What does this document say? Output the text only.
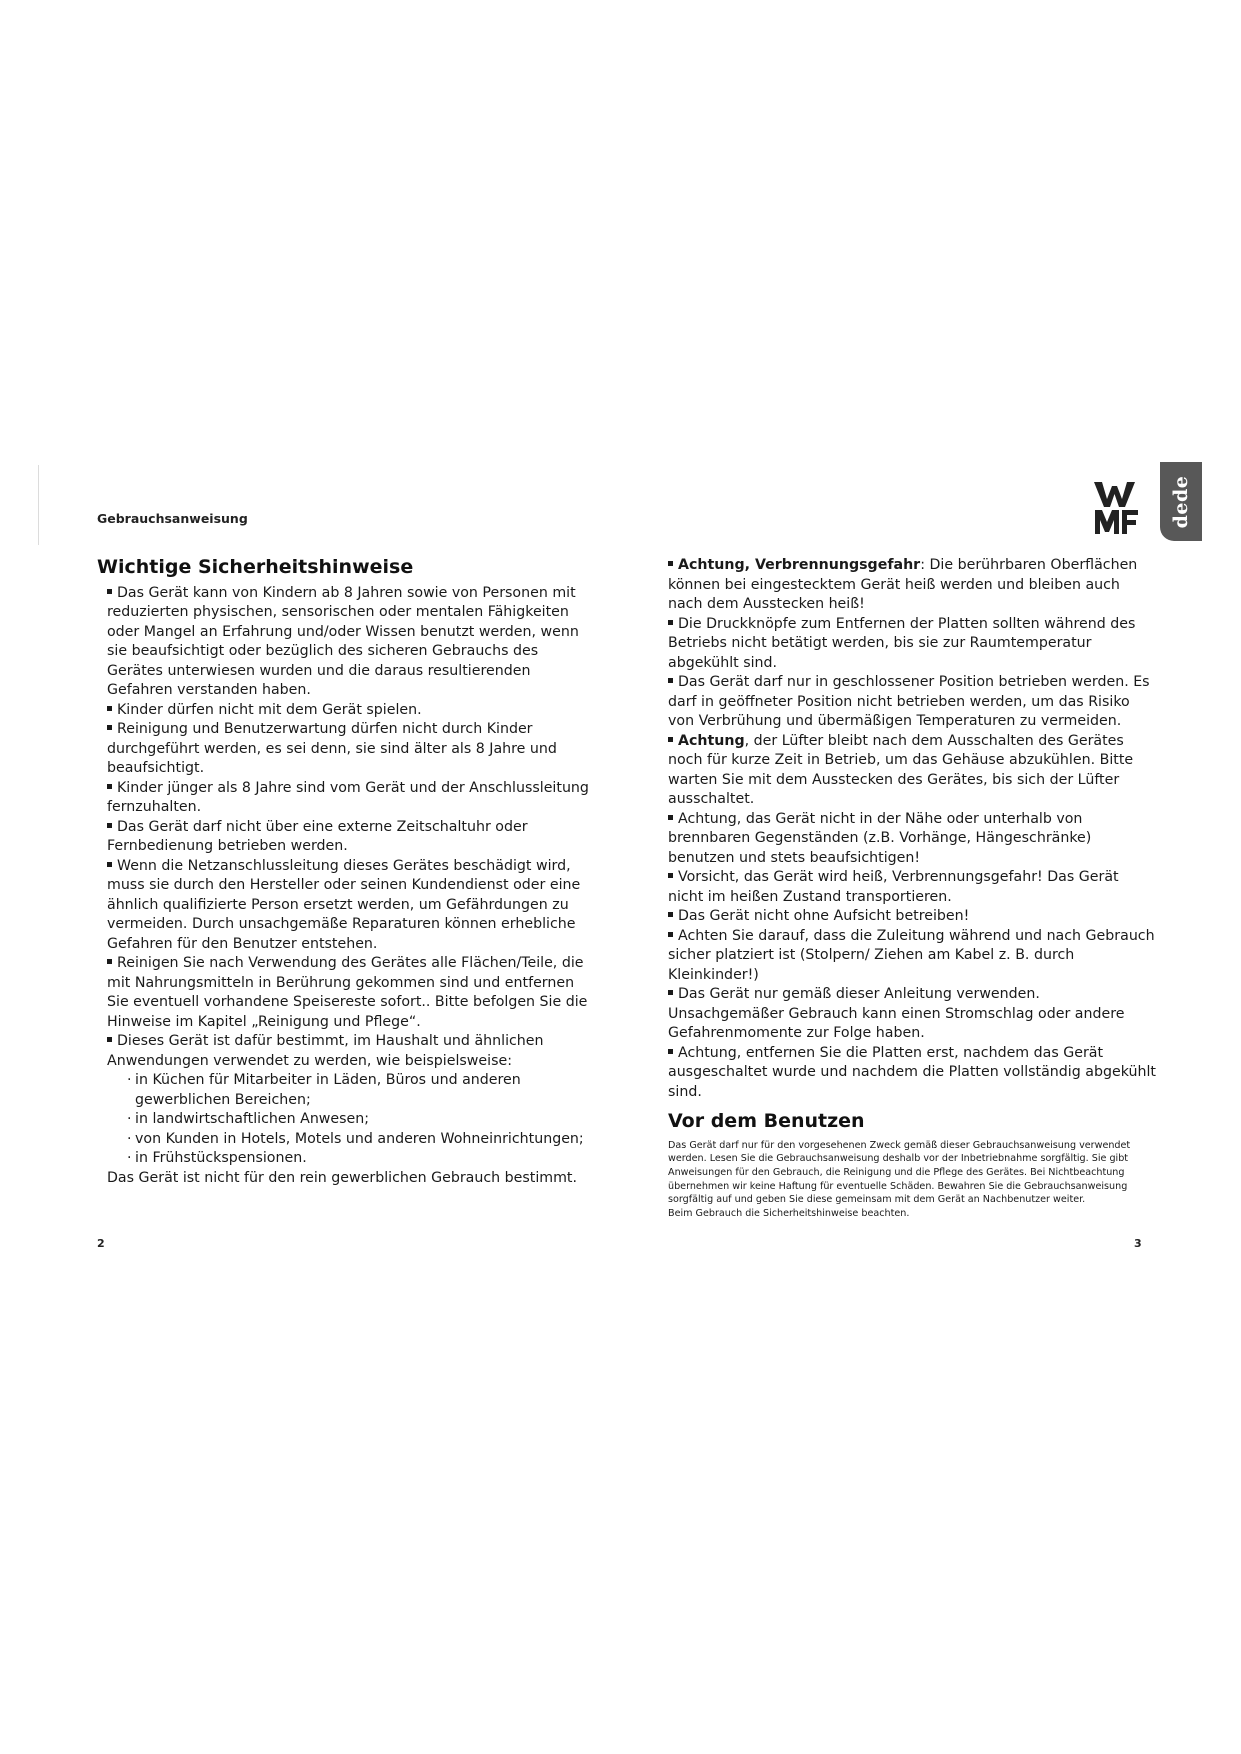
Gebrauchsanweisung	dede
Wichtige Sicherheitshinweise

Das Gerät kann von Kindern ab 8 Jahren sowie von Personen mit reduzierten physischen, sensorischen oder mentalen Fähigkeiten oder Mangel an Erfahrung und/oder Wissen benutzt werden, wenn sie beaufsichtigt oder bezüglich des sicheren Gebrauchs des Gerätes unterwiesen wurden und die daraus resultierenden Gefahren verstanden haben.

Kinder dürfen nicht mit dem Gerät spielen.

Reinigung und Benutzerwartung dürfen nicht durch Kinder durchgeführt werden, es sei denn, sie sind älter als 8 Jahre und beaufsichtigt.

Kinder jünger als 8 Jahre sind vom Gerät und der Anschlussleitung fernzuhalten.

Das Gerät darf nicht über eine externe Zeitschaltuhr oder Fernbedienung betrieben werden.

Wenn die Netzanschlussleitung dieses Gerätes beschädigt wird, muss sie durch den Hersteller oder seinen Kundendienst oder eine ähnlich qualifizierte Person ersetzt werden, um Gefährdungen zu vermeiden. Durch unsachgemäße Reparaturen können erhebliche Gefahren für den Benutzer entstehen.

Reinigen Sie nach Verwendung des Gerätes alle Flächen/Teile, die mit Nahrungsmitteln in Berührung gekommen sind und entfernen Sie eventuell vorhandene Speisereste sofort.. Bitte befolgen Sie die Hinweise im Kapitel „Reinigung und Pflege“.

Dieses Gerät ist dafür bestimmt, im Haushalt und ähnlichen Anwendungen verwendet zu werden, wie beispielsweise:

· in Küchen für Mitarbeiter in Läden, Büros und anderen gewerblichen Bereichen;

· in landwirtschaftlichen Anwesen;

· von Kunden in Hotels, Motels und anderen Wohneinrichtungen;

· in Frühstückspensionen.

Das Gerät ist nicht für den rein gewerblichen Gebrauch bestimmt.

Achtung, Verbrennungsgefahr: Die berührbaren Oberflächen können bei eingestecktem Gerät heiß werden und bleiben auch nach dem Ausstecken heiß!

Die Druckknöpfe zum Entfernen der Platten sollten während des Betriebs nicht betätigt werden, bis sie zur Raumtemperatur abgekühlt sind.

Das Gerät darf nur in geschlossener Position betrieben werden. Es darf in geöffneter Position nicht betrieben werden, um das Risiko von Verbrühung und übermäßigen Temperaturen zu vermeiden.

Achtung, der Lüfter bleibt nach dem Ausschalten des Gerätes noch für kurze Zeit in Betrieb, um das Gehäuse abzukühlen. Bitte warten Sie mit dem Ausstecken des Gerätes, bis sich der Lüfter ausschaltet.

Achtung, das Gerät nicht in der Nähe oder unterhalb von brennbaren Gegenständen (z.B. Vorhänge, Hängeschränke) benutzen und stets beaufsichtigen!

Vorsicht, das Gerät wird heiß, Verbrennungsgefahr! Das Gerät nicht im heißen Zustand transportieren.

Das Gerät nicht ohne Aufsicht betreiben!

Achten Sie darauf, dass die Zuleitung während und nach Gebrauch sicher platziert ist (Stolpern/ Ziehen am Kabel z. B. durch Kleinkinder!)

Das Gerät nur gemäß dieser Anleitung verwenden. Unsachgemäßer Gebrauch kann einen Stromschlag oder andere Gefahrenmomente zur Folge haben.

Achtung, entfernen Sie die Platten erst, nachdem das Gerät ausgeschaltet wurde und nachdem die Platten vollständig abgekühlt sind.

Vor dem Benutzen

Das Gerät darf nur für den vorgesehenen Zweck gemäß dieser Gebrauchsanweisung verwendet werden. Lesen Sie die Gebrauchsanweisung deshalb vor der Inbetriebnahme sorgfältig. Sie gibt Anweisungen für den Gebrauch, die Reinigung und die Pflege des Gerätes. Bei Nichtbeachtung übernehmen wir keine Haftung für eventuelle Schäden. Bewahren Sie die Gebrauchsanweisung sorgfältig auf und geben Sie diese gemeinsam mit dem Gerät an Nachbenutzer weiter.

Beim Gebrauch die Sicherheitshinweise beachten.

2	3
